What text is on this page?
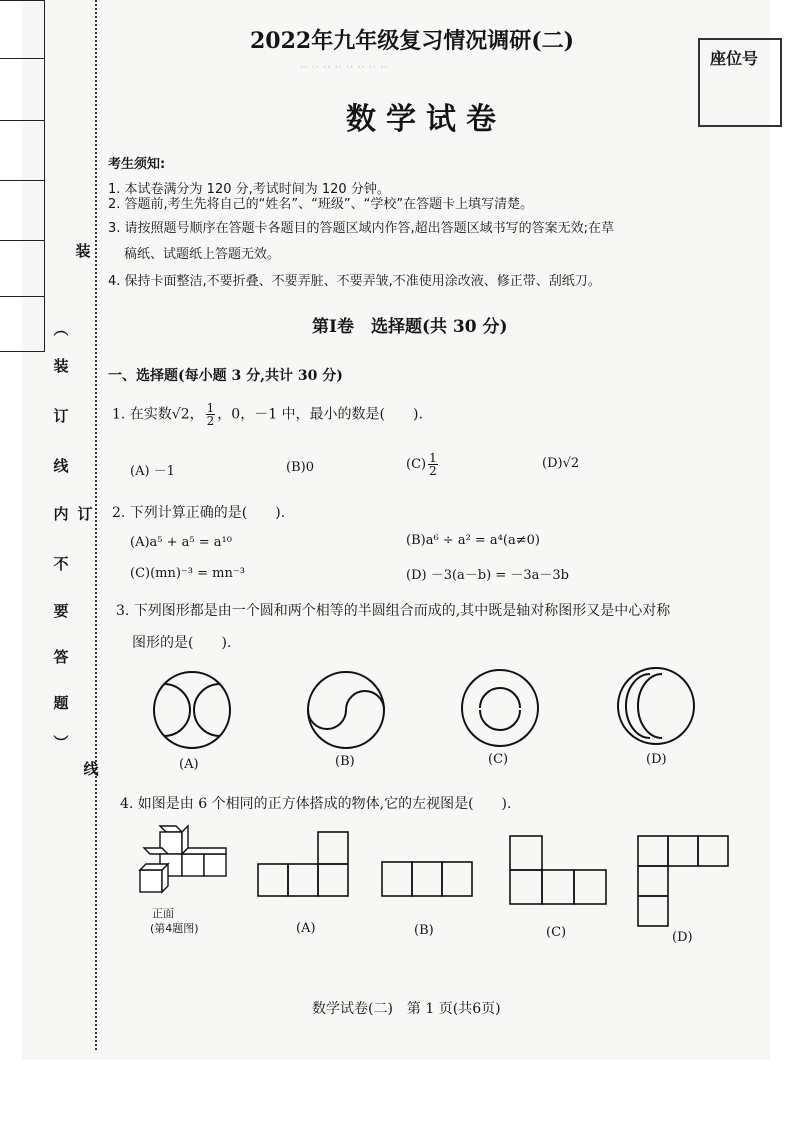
·· ·· ·· ·· ·· ·· ·· ··
装
︵
装
订
线
内 订
不
要
答
题
︶
线
2022年九年级复习情况调研(二)
数学试卷
座位号
考生须知:
1. 本试卷满分为 120 分,考试时间为 120 分钟。
2. 答题前,考生先将自己的“姓名”、“班级”、“学校”在答题卡上填写清楚。
3. 请按照题号顺序在答题卡各题目的答题区域内作答,超出答题区域书写的答案无效;在草
稿纸、试题纸上答题无效。
4. 保持卡面整洁,不要折叠、不要弄脏、不要弄皱,不准使用涂改液、修正带、刮纸刀。
第Ⅰ卷　选择题(共 30 分)
一、选择题(每小题 3 分,共计 30 分)
1. 在实数√2， $\frac{1}{2}$ ，0，－1 中，最小的数是(　　).
(A) －1	(B)0	$(C) \frac{1}{2}$	(D)√2
2. 下列计算正确的是(　　).
(A)a⁵ + a⁵ = a¹⁰	(B)a⁶ ÷ a² = a⁴(a≠0)
(C)(mn)⁻³ = mn⁻³	(D) －3(a－b) = －3a－3b
3. 下列图形都是由一个圆和两个相等的半圆组合而成的,其中既是轴对称图形又是中心对称
图形的是(　　).
(A)	(B)	(C)	(D)
4. 如图是由 6 个相同的正方体搭成的物体,它的左视图是(　　).
正面
(第4题图)	(A)	(B)	(C)	(D)
数学试卷(二)　第 1 页(共6页)
